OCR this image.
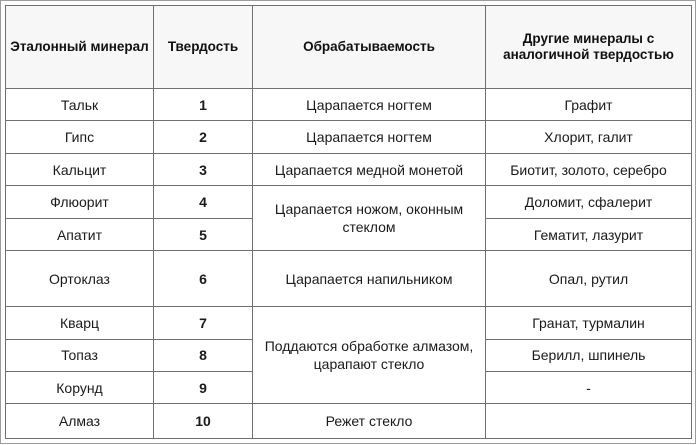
Эталонный минерал	Твердость	Обрабатываемость	Другие минералы с аналогичной твердостью
Тальк	1	Царапается ногтем	Графит
Гипс	2	Царапается ногтем	Хлорит, галит
Кальцит	3	Царапается медной монетой	Биотит, золото, серебро
Флюорит	4	Царапается ножом, оконным стеклом	Доломит, сфалерит
Апатит	5		Гематит, лазурит
Ортоклаз	6	Царапается напильником	Опал, рутил
Кварц	7	Поддаются обработке алмазом, царапают стекло	Гранат, турмалин
Топаз	8		Берилл, шпинель
Корунд	9		-
Алмаз	10	Режет стекло	
